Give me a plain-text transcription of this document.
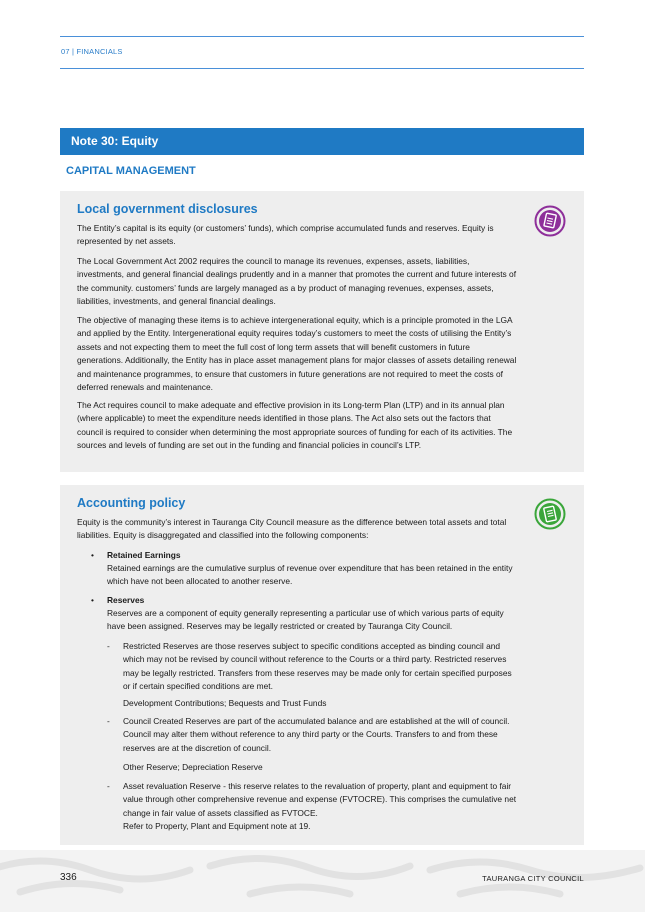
07 | FINANCIALS
Note 30: Equity
CAPITAL MANAGEMENT
Local government disclosures

The Entity’s capital is its equity (or customers’ funds), which comprise accumulated funds and reserves. Equity is represented by net assets.

The Local Government Act 2002 requires the council to manage its revenues, expenses, assets, liabilities, investments, and general financial dealings prudently and in a manner that promotes the current and future interests of the community. customers’ funds are largely managed as a by product of managing revenues, expenses, assets, liabilities, investments, and general financial dealings.

The objective of managing these items is to achieve intergenerational equity, which is a principle promoted in the LGA and applied by the Entity. Intergenerational equity requires today’s customers to meet the costs of utilising the Entity’s assets and not expecting them to meet the full cost of long term assets that will benefit customers in future generations. Additionally, the Entity has in place asset management plans for major classes of assets detailing renewal and maintenance programmes, to ensure that customers in future generations are not required to meet the costs of deferred renewals and maintenance.

The Act requires council to make adequate and effective provision in its Long-term Plan (LTP) and in its annual plan (where applicable) to meet the expenditure needs identified in those plans. The Act also sets out the factors that council is required to consider when determining the most appropriate sources of funding for each of its activities. The sources and levels of funding are set out in the funding and financial policies in council’s LTP.

Accounting policy

Equity is the community’s interest in Tauranga City Council measure as the difference between total assets and total liabilities. Equity is disaggregated and classified into the following components:

• Retained Earnings

Retained earnings are the cumulative surplus of revenue over expenditure that has been retained in the entity which have not been allocated to another reserve.

• Reserves

Reserves are a component of equity generally representing a particular use of which various parts of equity have been assigned. Reserves may be legally restricted or created by Tauranga City Council.

- Restricted Reserves are those reserves subject to specific conditions accepted as binding council and which may not be revised by council without reference to the Courts or a third party. Restricted reserves may be legally restricted. Transfers from these reserves may be made only for certain specified purposes or if certain specified conditions are met.

Development Contributions; Bequests and Trust Funds

- Council Created Reserves are part of the accumulated balance and are established at the will of council. Council may alter them without reference to any third party or the Courts. Transfers to and from these reserves are at the discretion of council.

Other Reserve; Depreciation Reserve

- Asset revaluation Reserve - this reserve relates to the revaluation of property, plant and equipment to fair value through other comprehensive revenue and expense (FVTOCRE). This comprises the cumulative net change in fair value of assets classified as FVTOCE.

Refer to Property, Plant and Equipment note at 19.

336	TAURANGA CITY COUNCIL
